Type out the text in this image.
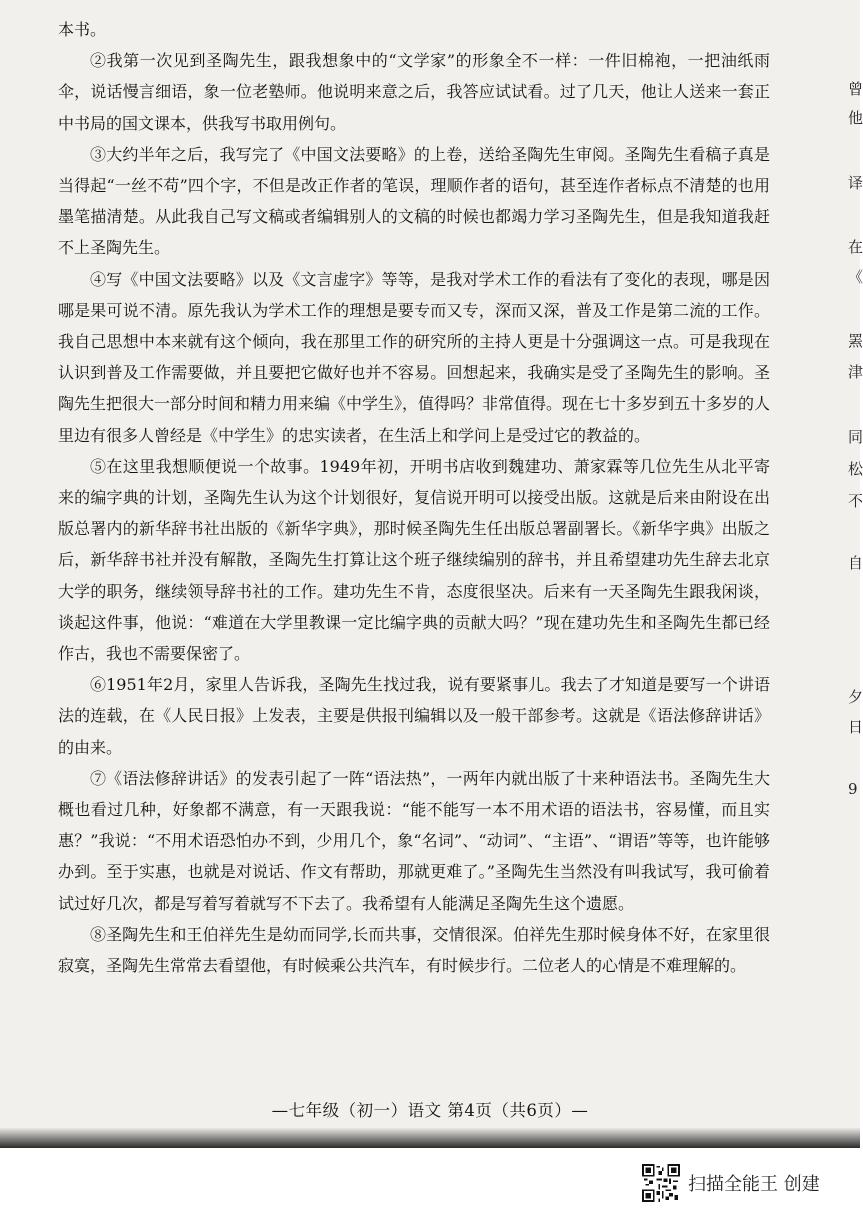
本书。

②我第一次见到圣陶先生，跟我想象中的“文学家”的形象全不一样：一件旧棉袍，一把油纸雨伞，说话慢言细语，象一位老塾师。他说明来意之后，我答应试试看。过了几天，他让人送来一套正中书局的国文课本，供我写书取用例句。

③大约半年之后，我写完了《中国文法要略》的上卷，送给圣陶先生审阅。圣陶先生看稿子真是当得起“一丝不苟”四个字，不但是改正作者的笔误，理顺作者的语句，甚至连作者标点不清楚的也用墨笔描清楚。从此我自己写文稿或者编辑别人的文稿的时候也都竭力学习圣陶先生，但是我知道我赶不上圣陶先生。

④写《中国文法要略》以及《文言虚字》等等，是我对学术工作的看法有了变化的表现，哪是因哪是果可说不清。原先我认为学术工作的理想是要专而又专，深而又深，普及工作是第二流的工作。我自己思想中本来就有这个倾向，我在那里工作的研究所的主持人更是十分强调这一点。可是我现在认识到普及工作需要做，并且要把它做好也并不容易。回想起来，我确实是受了圣陶先生的影响。圣陶先生把很大一部分时间和精力用来编《中学生》，值得吗？非常值得。现在七十多岁到五十多岁的人里边有很多人曾经是《中学生》的忠实读者，在生活上和学问上是受过它的教益的。

⑤在这里我想顺便说一个故事。1949年初，开明书店收到魏建功、萧家霖等几位先生从北平寄来的编字典的计划，圣陶先生认为这个计划很好，复信说开明可以接受出版。这就是后来由附设在出版总署内的新华辞书社出版的《新华字典》，那时候圣陶先生任出版总署副署长。《新华字典》出版之后，新华辞书社并没有解散，圣陶先生打算让这个班子继续编别的辞书，并且希望建功先生辞去北京大学的职务，继续领导辞书社的工作。建功先生不肯，态度很坚决。后来有一天圣陶先生跟我闲谈，谈起这件事，他说：“难道在大学里教课一定比编字典的贡献大吗？”现在建功先生和圣陶先生都已经作古，我也不需要保密了。

⑥1951年2月，家里人告诉我，圣陶先生找过我，说有要紧事儿。我去了才知道是要写一个讲语法的连载，在《人民日报》上发表，主要是供报刊编辑以及一般干部参考。这就是《语法修辞讲话》的由来。

⑦《语法修辞讲话》的发表引起了一阵“语法热”，一两年内就出版了十来种语法书。圣陶先生大概也看过几种，好象都不满意，有一天跟我说：“能不能写一本不用术语的语法书，容易懂，而且实惠？”我说：“不用术语恐怕办不到，少用几个，象“名词”、“动词”、“主语”、“谓语”等等，也许能够办到。至于实惠，也就是对说话、作文有帮助，那就更难了。”圣陶先生当然没有叫我试写，我可偷着试过好几次，都是写着写着就写不下去了。我希望有人能满足圣陶先生这个遗愿。

⑧圣陶先生和王伯祥先生是幼而同学,长而共事，交情很深。伯祥先生那时候身体不好，在家里很寂寞，圣陶先生常常去看望他，有时候乘公共汽车，有时候步行。二位老人的心情是不难理解的。

—七年级（初一）语文 第4页（共6页）—
曾
他
译
在
《
罴
津
同
松
不
自
夕
日
9
扫描全能王 创建
